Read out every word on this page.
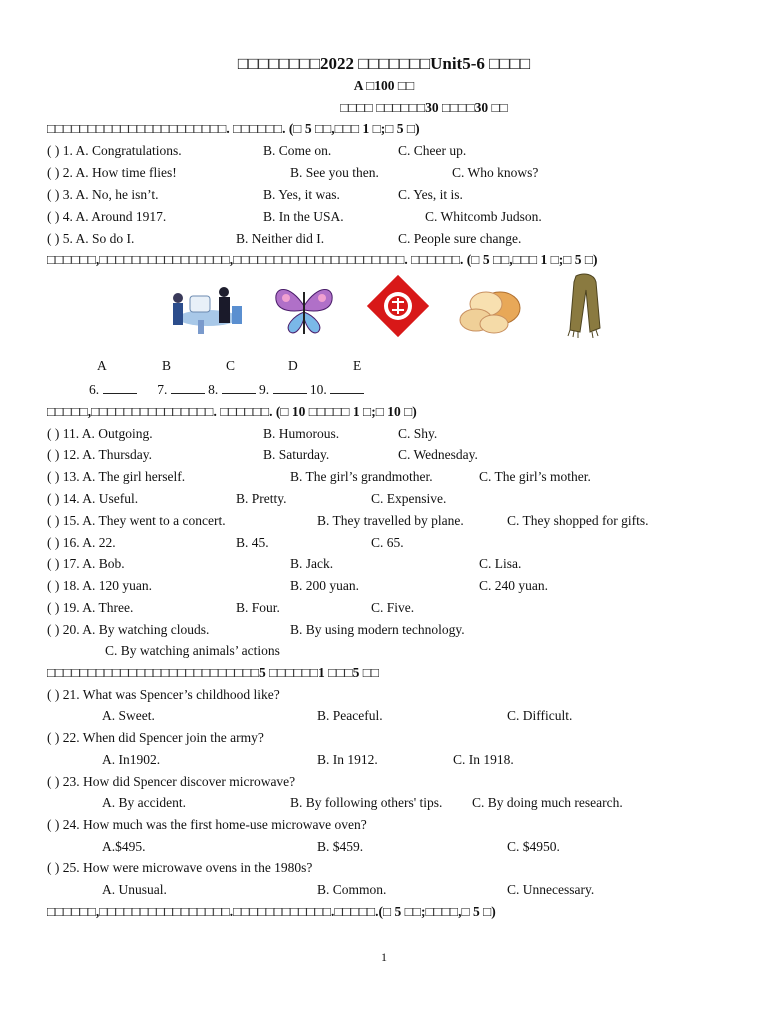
□□□□□□□□2022 □□□□□□□Unit5-6 □□□□
A □100 □□
□□□□ □□□□□□30 □□□□30 □□
□□□□□□□□□□□□□□□□□□□□□□. □□□□□□. (□ 5 □□,□□□ 1 □;□ 5 □)
( ) 1. A. Congratulations.	B. Come on.	C. Cheer up.
( ) 2. A. How time flies!	B. See you then.	C. Who knows?
( ) 3. A. No, he isn’t.	B. Yes, it was.	C. Yes, it is.
( ) 4. A. Around 1917.	B. In the USA.	C. Whitcomb Judson.
( ) 5. A. So do I.	B. Neither did I.	C. People sure change.
□□□□□□,□□□□□□□□□□□□□□□□,□□□□□□□□□□□□□□□□□□□□□. □□□□□□. (□ 5 □□,□□□ 1 □;□ 5 □)
A	B	C	D	E
6.	7.	8.	9.	10.
□□□□□,□□□□□□□□□□□□□□□. □□□□□□. (□ 10 □□□□□ 1 □;□ 10 □)
( ) 11. A. Outgoing.	B. Humorous.	C. Shy.
( ) 12. A. Thursday.	B. Saturday.	C. Wednesday.
( ) 13. A. The girl herself.	B. The girl’s grandmother.	C. The girl’s mother.
( ) 14. A. Useful.	B. Pretty.	C. Expensive.
( ) 15. A. They went to a concert.	B. They travelled by plane.	C. They shopped for gifts.
( ) 16. A. 22.	B. 45.	C. 65.
( ) 17. A. Bob.	B. Jack.	C. Lisa.
( ) 18. A. 120 yuan.	B. 200 yuan.	C. 240 yuan.
( ) 19. A. Three.	B. Four.	C. Five.
( ) 20. A. By watching clouds.	B. By using modern technology.
C. By watching animals’ actions
□□□□□□□□□□□□□□□□□□□□□□□□□□5 □□□□□□1 □□□5 □□
( ) 21. What was Spencer’s childhood like?
A. Sweet.	B. Peaceful.	C. Difficult.
( ) 22. When did Spencer join the army?
A. In1902.	B. In 1912.	C. In 1918.
( ) 23. How did Spencer discover microwave?
A. By accident.	B. By following others' tips. C. By doing much research.
( ) 24. How much was the first home-use microwave oven?
A.$495.	B. $459.	C. $4950.
( ) 25. How were microwave ovens in the 1980s?
A. Unusual.	B. Common.	C. Unnecessary.
□□□□□□,□□□□□□□□□□□□□□□□.□□□□□□□□□□□□.□□□□□.(□ 5 □□;□□□□,□ 5 □)
1
